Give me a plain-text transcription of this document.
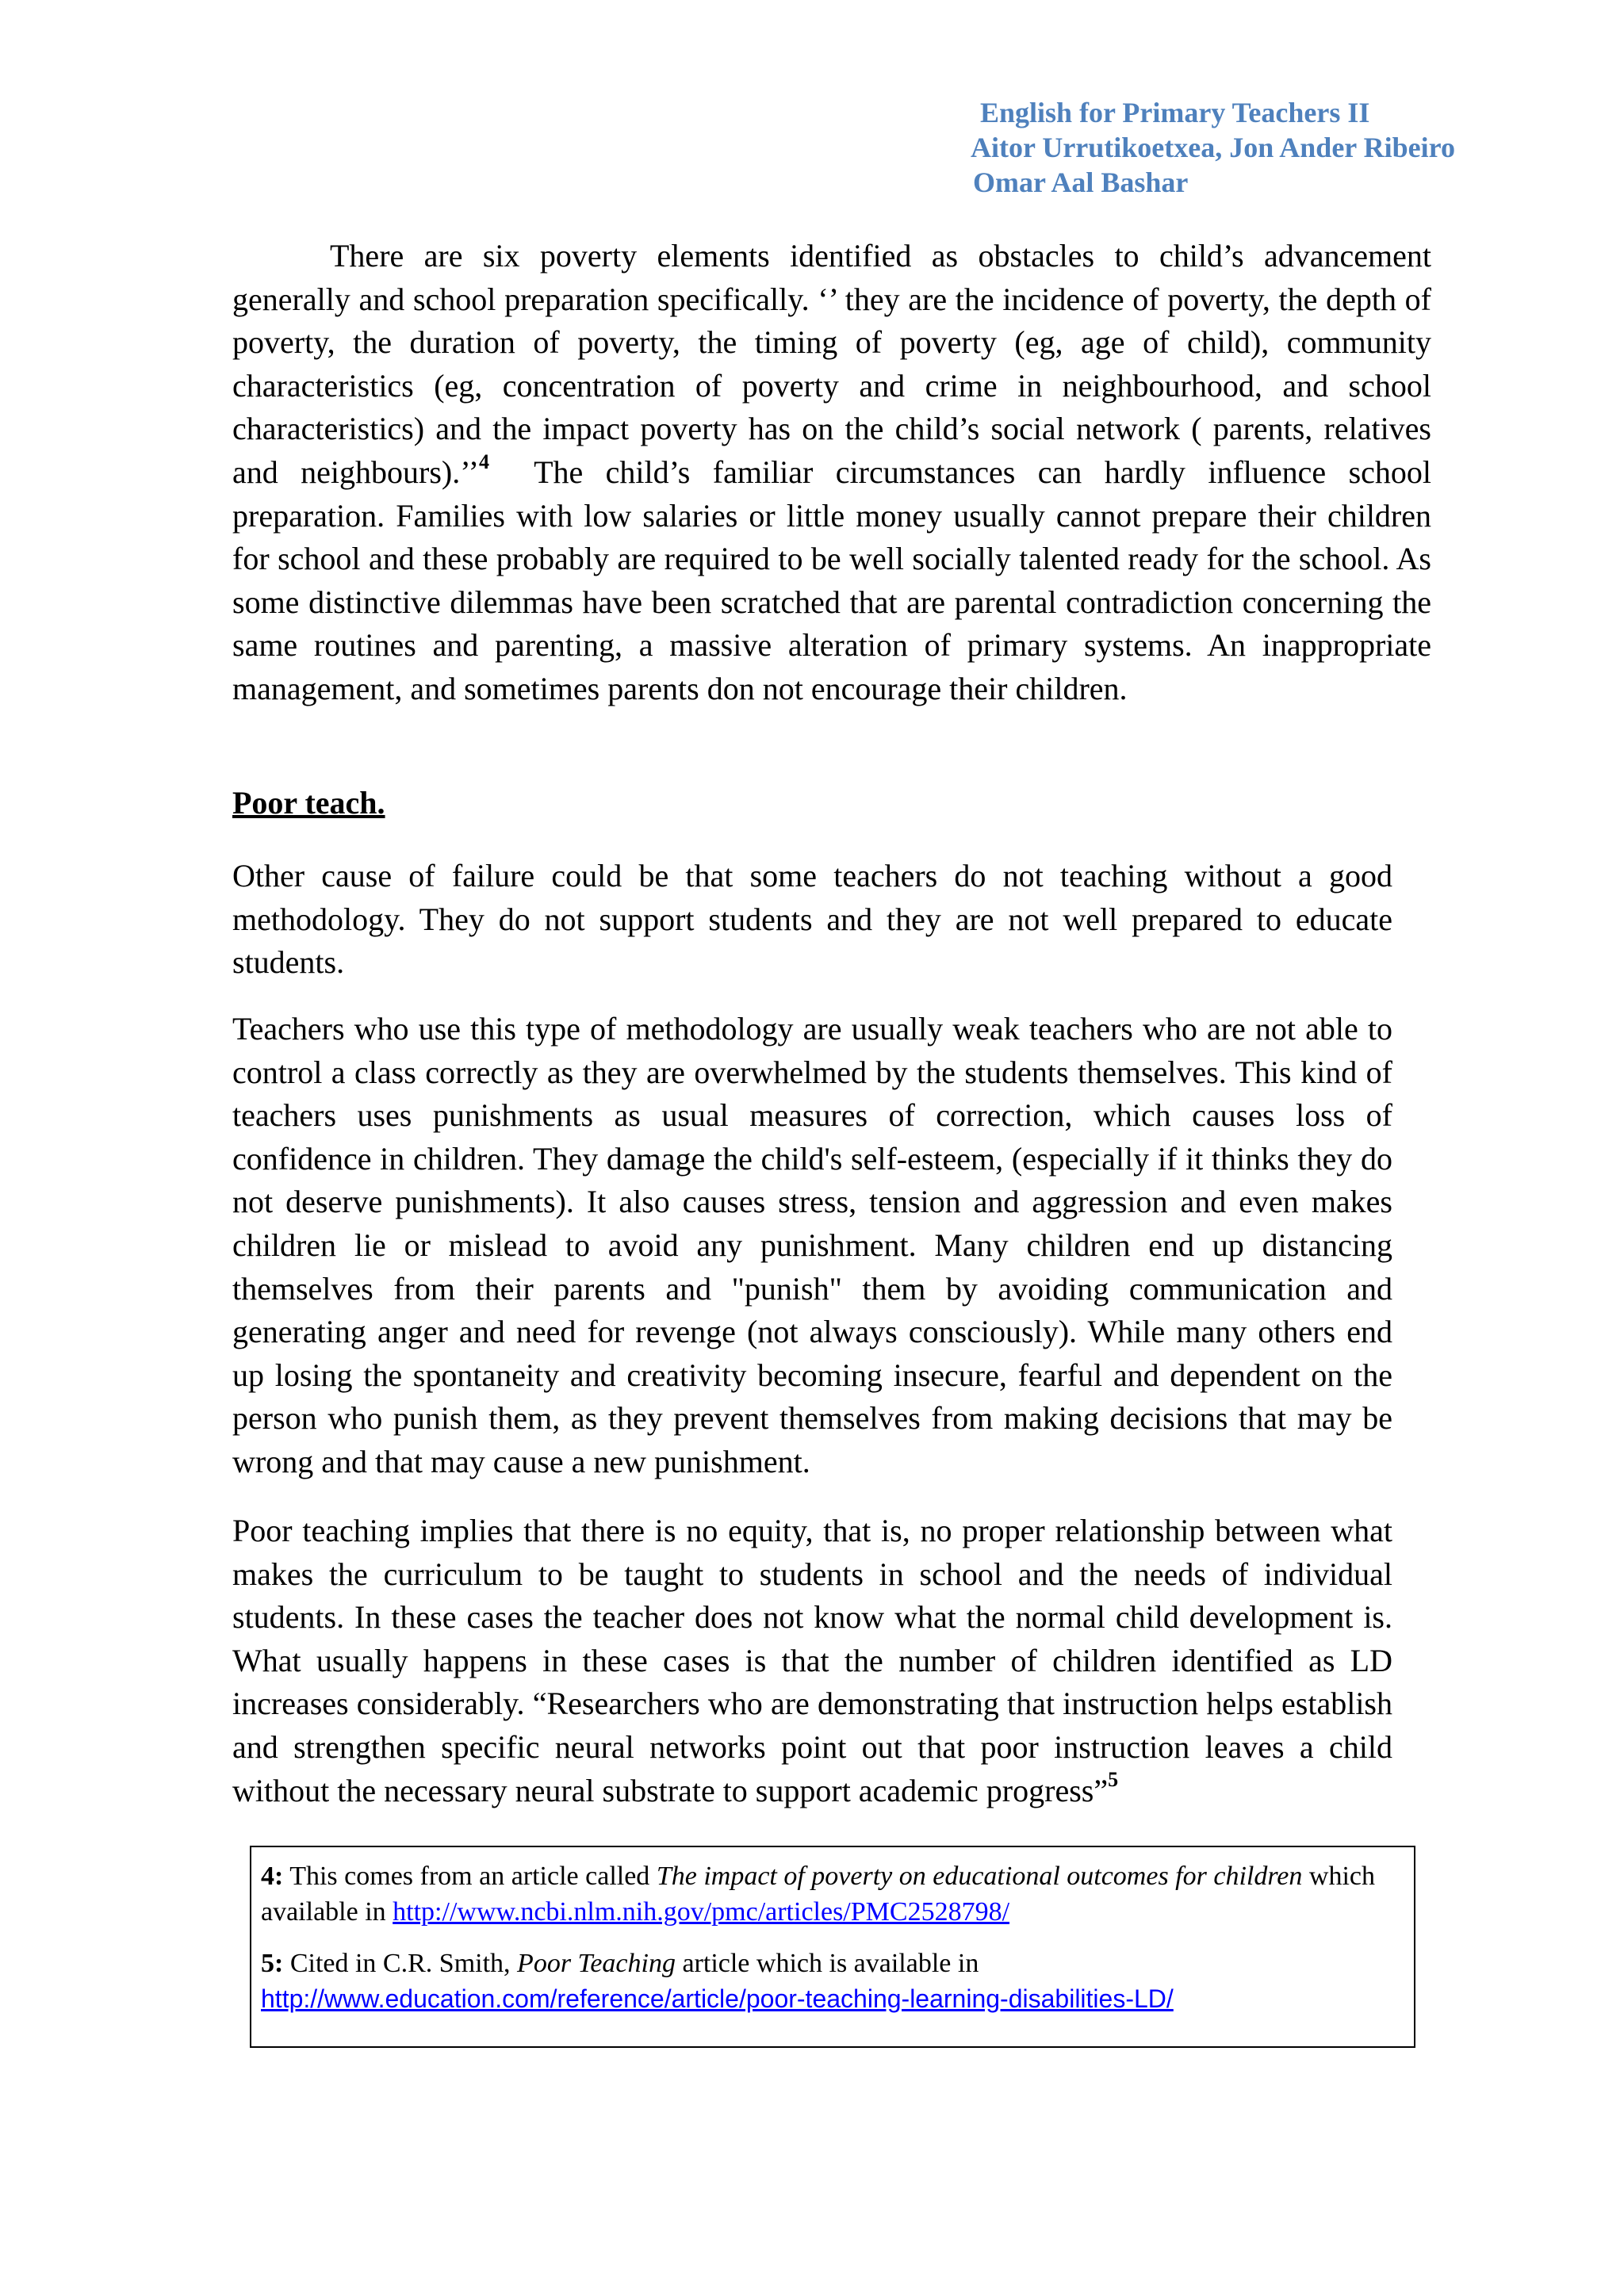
English for Primary Teachers II
Aitor Urrutikoetxea, Jon Ander Ribeiro
Omar Aal Bashar

There are six poverty elements identified as obstacles to child’s advancement generally and school preparation specifically. ‘’ they are the incidence of poverty, the depth of poverty, the duration of poverty, the timing of poverty (eg, age of child), community characteristics (eg, concentration of poverty and crime in neighbourhood, and school characteristics) and the impact poverty has on the child’s social network ( parents, relatives and neighbours).’’$^4$  The child’s familiar circumstances can hardly influence school preparation. Families with low salaries or little money usually cannot prepare their children for school and these probably are required to be well socially talented ready for the school. As some distinctive dilemmas have been scratched that are parental contradiction concerning the same routines and parenting, a massive alteration of primary systems. An inappropriate management, and sometimes parents don not encourage their children.

Poor teach.

Other cause of failure could be that some teachers do not teaching without a good methodology. They do not support students and they are not well prepared to educate students.

Teachers who use this type of methodology are usually weak teachers who are not able to control a class correctly as they are overwhelmed by the students themselves. This kind of teachers uses punishments as usual measures of correction, which causes loss of confidence in children. They damage the child's self-esteem, (especially if it thinks they do not deserve punishments). It also causes stress, tension and aggression and even makes children lie or mislead to avoid any punishment. Many children end up distancing themselves from their parents and "punish" them by avoiding communication and generating anger and need for revenge (not always consciously). While many others end up losing the spontaneity and creativity becoming insecure, fearful and dependent on the person who punish them, as they prevent themselves from making decisions that may be wrong and that may cause a new punishment.

Poor teaching implies that there is no equity, that is, no proper relationship between what makes the curriculum to be taught to students in school and the needs of individual students. In these cases the teacher does not know what the normal child development is. What usually happens in these cases is that the number of children identified as LD increases considerably. “Researchers who are demonstrating that instruction helps establish and strengthen specific neural networks point out that poor instruction leaves a child without the necessary neural substrate to support academic progress”$^5$

4: This comes from an article called The impact of poverty on educational outcomes for children which available in http://www.ncbi.nlm.nih.gov/pmc/articles/PMC2528798/

5: Cited in C.R. Smith, Poor Teaching article which is available in

http://www.education.com/reference/article/poor-teaching-learning-disabilities-LD/
